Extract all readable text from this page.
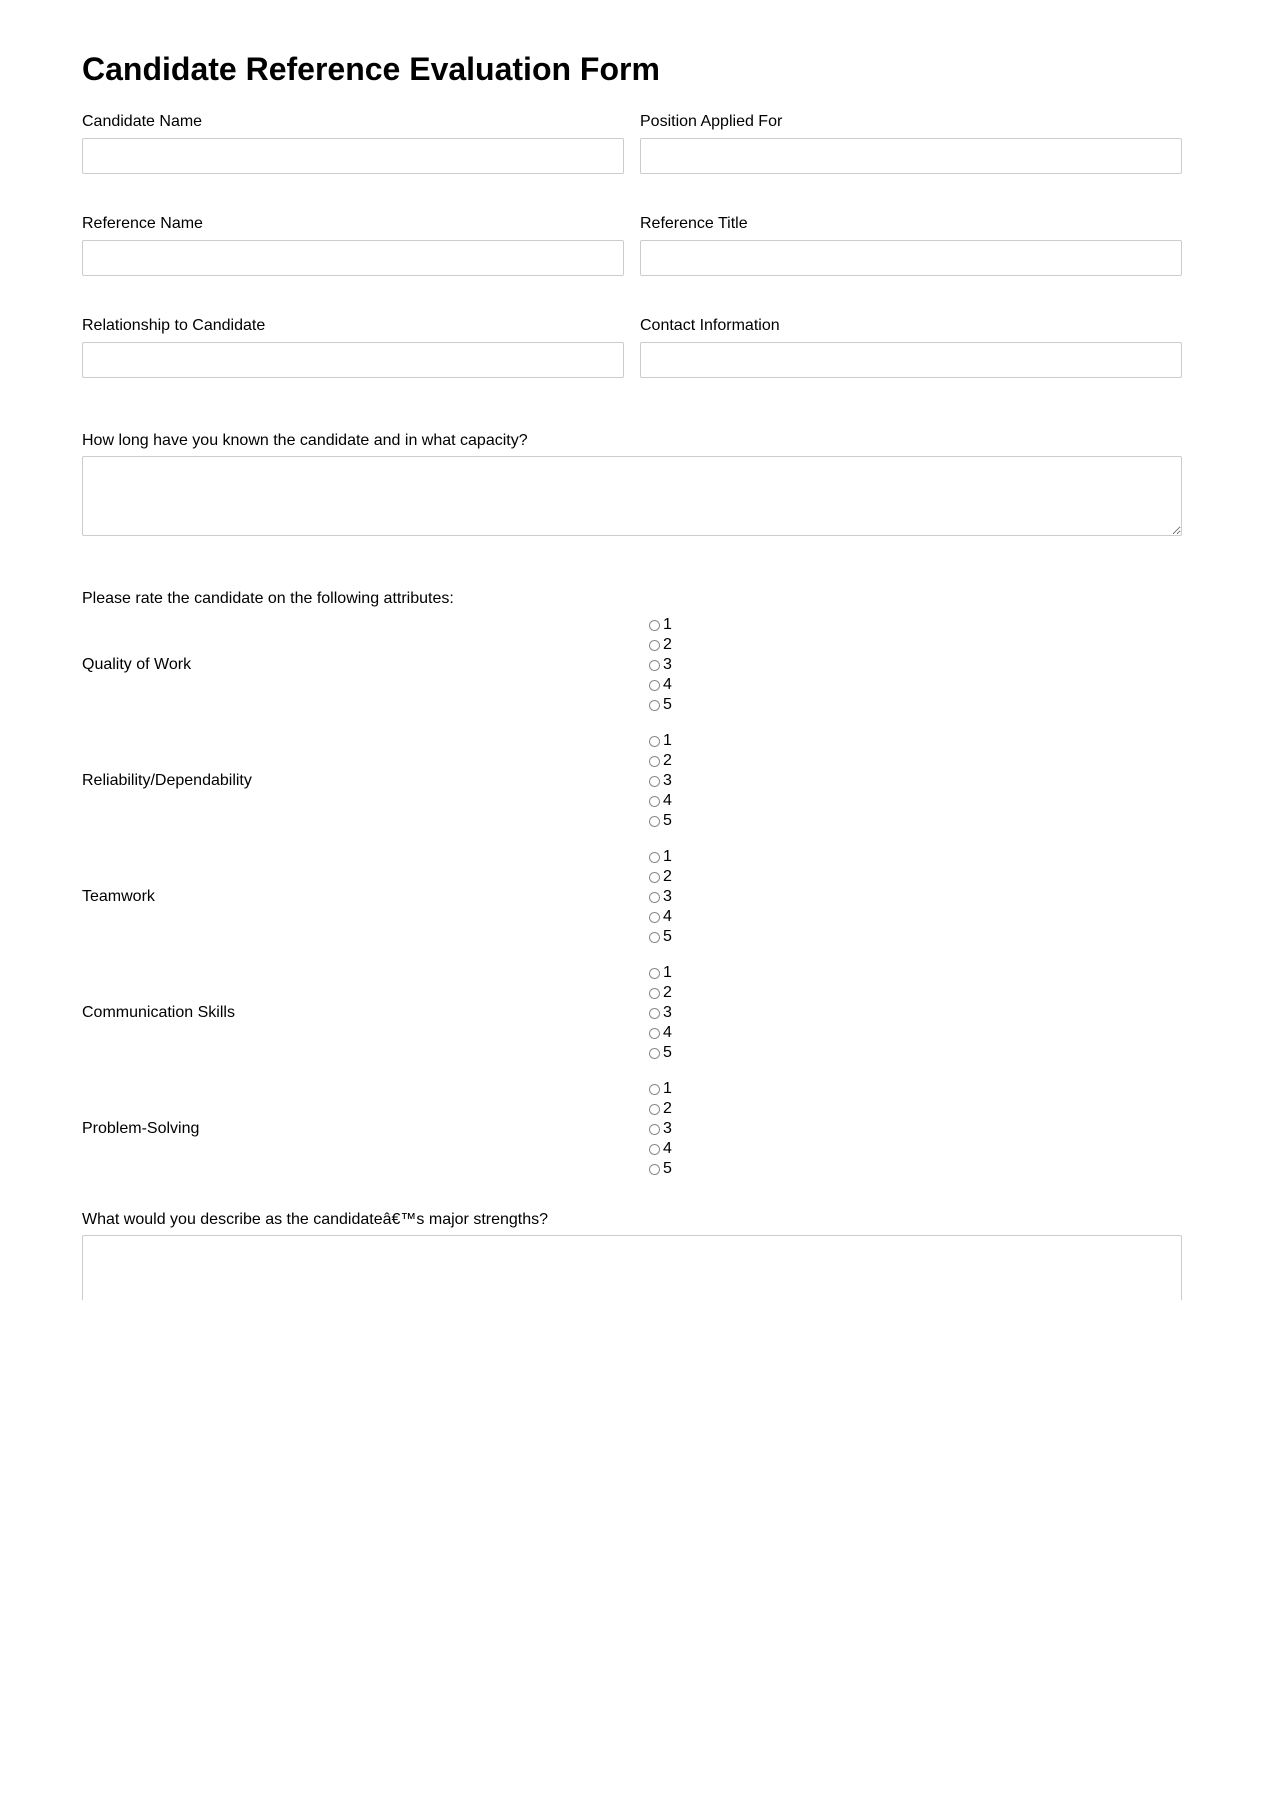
Candidate Reference Evaluation Form
Candidate Name	Position Applied For
Reference Name	Reference Title
Relationship to Candidate	Contact Information
How long have you known the candidate and in what capacity?
Please rate the candidate on the following attributes:
Quality of Work
1
2
3
4
5
Reliability/Dependability
1
2
3
4
5
Teamwork
1
2
3
4
5
Communication Skills
1
2
3
4
5
Problem-Solving
1
2
3
4
5
What would you describe as the candidateâ€™s major strengths?
